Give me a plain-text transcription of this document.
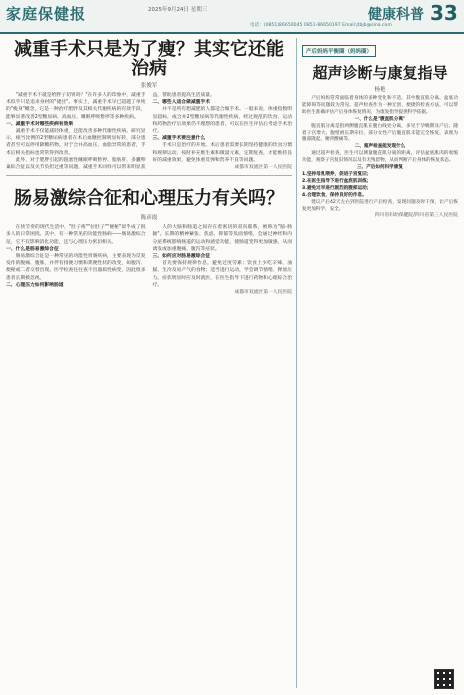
家庭保健报	2025年9月24日 星期三	健康科普 33
电话：(0851)86650045 0851-86650197 Email:jtbjb@sina.com
减重手术只是为了瘦？其实它还能治病
张俊军

"减重手术不就是给胖子切胃吗？"在许多人的印象中，减重手术似乎只是追求身材的"捷径"。事实上，减重手术早已超越了单纯的"瘦身"概念，它是一种治疗肥胖及其相关代谢疾病的有效手段，能够显著改善2型糖尿病、高血压、睡眠呼吸暂停等多种疾病。

一、减重手术对哪些疾病有效果

减重手术不仅能减轻体重，还能改善多种代谢性疾病。研究显示，相当比例的2型糖尿病患者在术后血糖控制明显好转，部分患者甚至可以停用降糖药物。对于合并高血压、血脂异常的患者，手术后相关指标也常常得到改善。

此外，对于肥胖引起的阻塞性睡眠呼吸暂停、脂肪肝、多囊卵巢综合征以及关节负担过重等问题，减重手术同样可以带来明显获益，帮助患者提高生活质量。

二、哪些人适合做减重手术

并不是所有想减肥的人都适合做手术。一般来说，体重指数明显超标，或合并2型糖尿病等代谢性疾病，经过规范的饮食、运动和药物治疗后效果仍不理想的患者，可以在医生评估后考虑手术治疗。

三、减重手术要注意什么

手术只是治疗的开始。术后患者需要长期坚持健康的饮食习惯和规律运动，按时补充维生素和微量元素，定期复查，才能维持良好的减重效果，避免体重反弹和营养不良等问题。

成都市双流区第一人民医院
肠易激综合征和心理压力有关吗？
陈彦霞

在快节奏的现代生活中，"肚子疼""拉肚子""便秘"似乎成了很多人的日常困扰。其中，有一种常见的功能性肠病——肠易激综合征，它不仅影响消化功能，还与心理压力密切相关。

一、什么是肠易激综合征

肠易激综合征是一种常见的功能性胃肠疾病，主要表现为反复发作的腹痛、腹胀，并伴有排便习惯和粪便性状的改变，如腹泻、便秘或二者交替出现。医学检查往往查不出器质性病变，因此很多患者长期被忽视。

二、心理压力如何影响肠道

人的大脑和肠道之间存在着密切的双向联系，被称为"脑-肠轴"。长期的精神紧张、焦虑、抑郁等负面情绪，会通过神经和内分泌系统影响肠道的运动和感觉功能，使肠道变得更加敏感，从而诱发或加重腹痛、腹泻等症状。

三、如何应对肠易激综合征

首先要保持规律作息，避免过度劳累；饮食上少吃辛辣、油腻、生冷及易产气的食物；适当进行运动，学会调节情绪、释放压力。症状明显时应及时就医，在医生指导下进行药物和心理综合治疗。

成都市双流区第一人民医院
产后妈妈平衡圈（妈妈圈）
超声诊断与康复指导
杨艳

产后妈妈常常面临着身体的多种变化和不适，其中腹直肌分离、盆底功能障碍等问题较为常见。超声检查作为一种无创、便捷的检查方法，可以帮助医生准确评估产后身体恢复情况，为康复指导提供科学依据。

一、什么是"腹直肌分离"

腹直肌分离是指两侧腹直肌在腹白线处分离，多见于孕晚期及产后。随着子宫增大，腹壁被长期牵拉，部分女性产后腹直肌未能完全恢复，表现为腹部隆起、腰背酸痛等。

二、超声检查能发现什么

通过超声检查，医生可以测量腹直肌分离的距离，评估盆底肌肉的收缩功能，观察子宫复旧情况以及有无残留物，从而判断产后身体的恢复状态。

三、产后如何科学康复

1.坚持母乳喂养，促进子宫复旧；

2.在医生指导下进行盆底肌训练；

3.避免过早进行剧烈的腹部运动；

4.合理饮食，保持良好的作息。

建议产后42天左右到医院进行产后检查，发现问题及时干预，让产后恢复更加科学、安全。

四川省妇幼保健院/四川省第三人民医院
